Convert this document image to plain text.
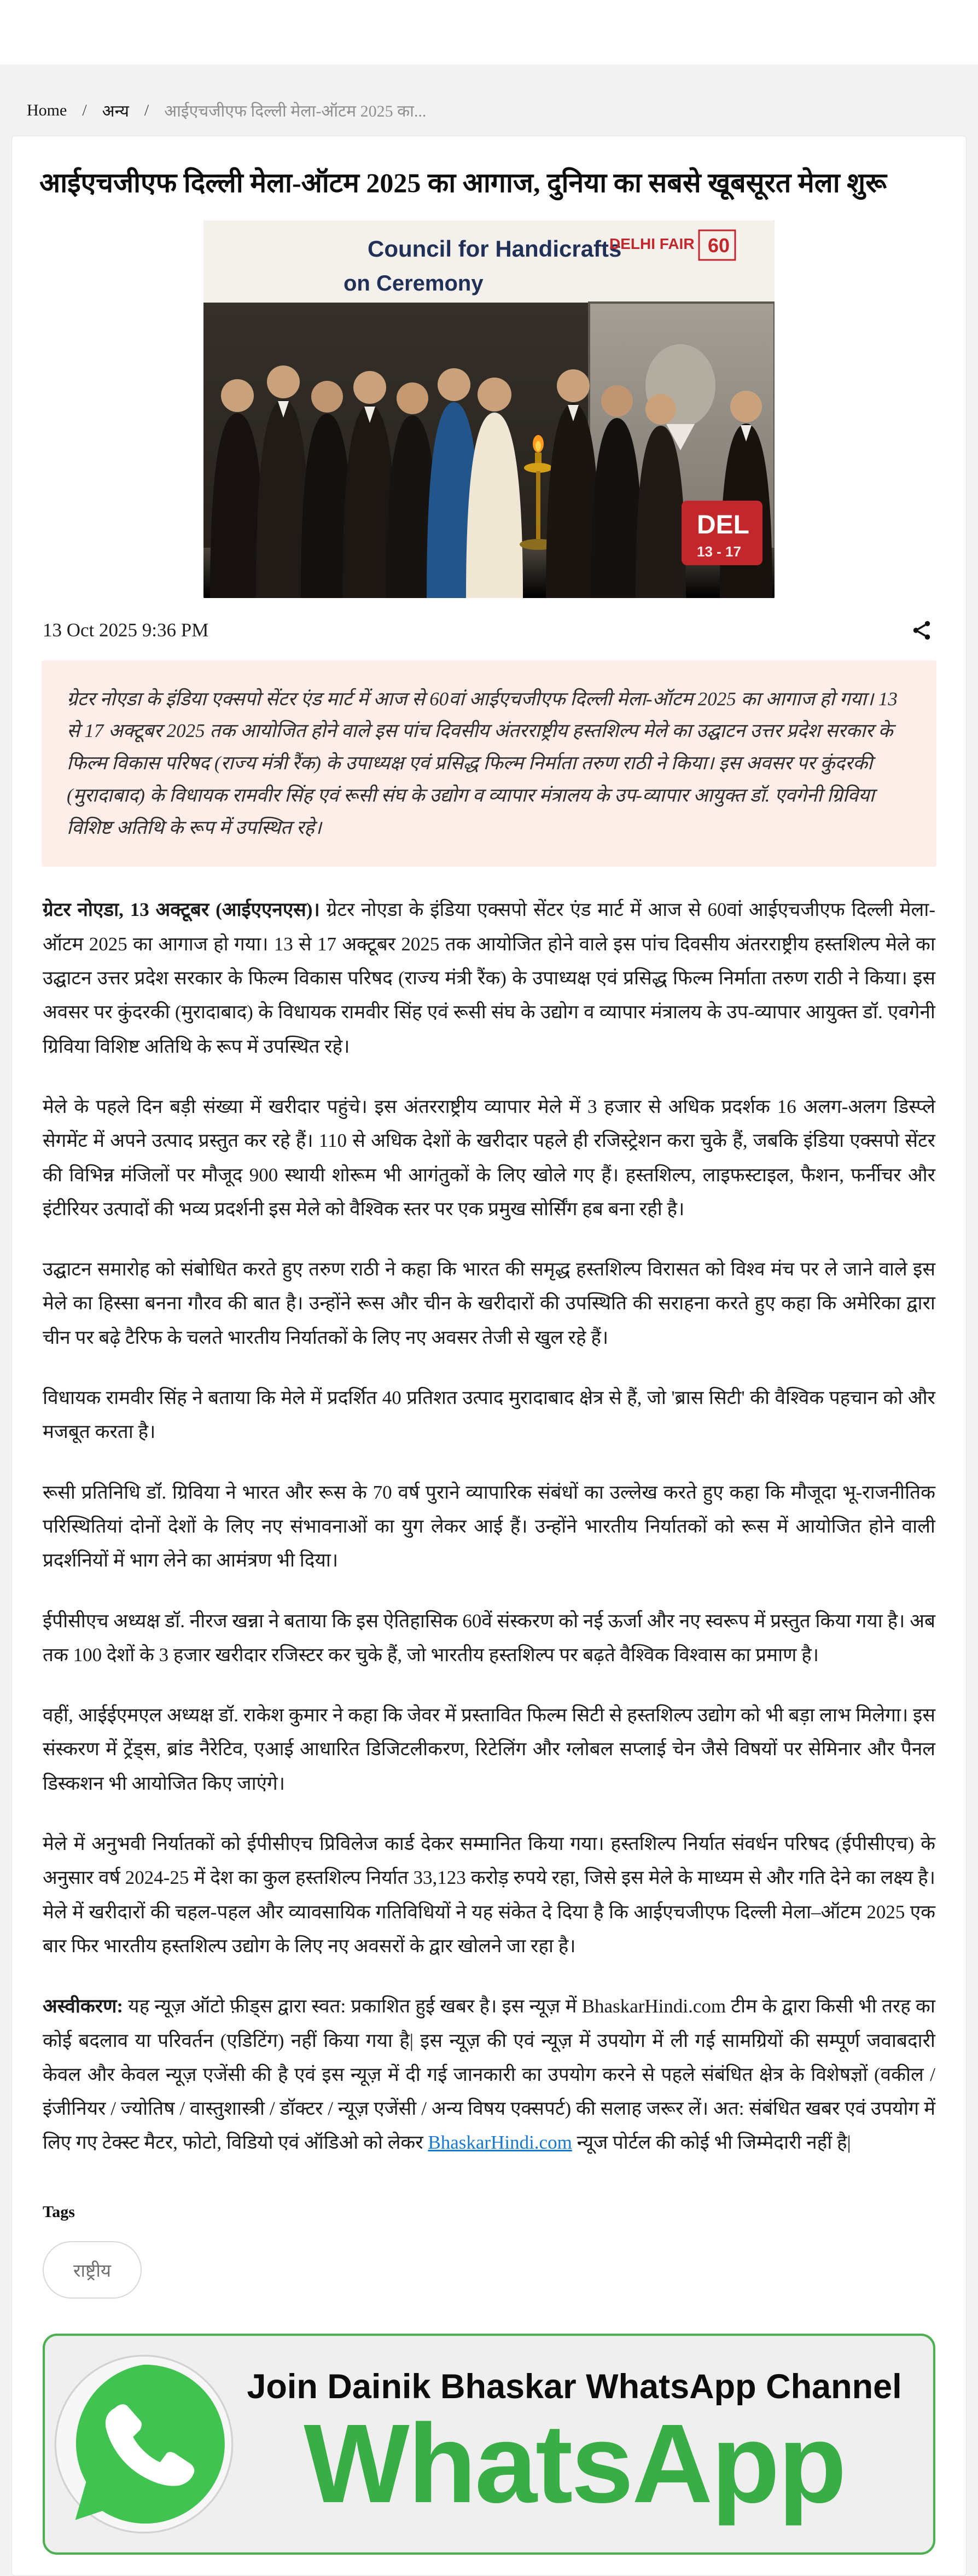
Home / अन्य / आईएचजीएफ दिल्ली मेला-ऑटम 2025 का...
आईएचजीएफ दिल्ली मेला-ऑटम 2025 का आगाज, दुनिया का सबसे खूबसूरत मेला शुरू
Council for Handicrafts
on Ceremony
DELHI FAIR 60
DEL
13 - 17
13 Oct 2025 9:36 PM
ग्रेटर नोएडा के इंडिया एक्सपो सेंटर एंड मार्ट में आज से 60वां आईएचजीएफ दिल्ली मेला-ऑटम 2025 का आगाज हो गया। 13 से 17 अक्टूबर 2025 तक आयोजित होने वाले इस पांच दिवसीय अंतरराष्ट्रीय हस्तशिल्प मेले का उद्घाटन उत्तर प्रदेश सरकार के फिल्म विकास परिषद (राज्य मंत्री रैंक) के उपाध्यक्ष एवं प्रसिद्ध फिल्म निर्माता तरुण राठी ने किया। इस अवसर पर कुंदरकी (मुरादाबाद) के विधायक रामवीर सिंह एवं रूसी संघ के उद्योग व व्यापार मंत्रालय के उप-व्यापार आयुक्त डॉ. एवगेनी ग्रिविया विशिष्ट अतिथि के रूप में उपस्थित रहे।

ग्रेटर नोएडा, 13 अक्टूबर (आईएएनएस)। ग्रेटर नोएडा के इंडिया एक्सपो सेंटर एंड मार्ट में आज से 60वां आईएचजीएफ दिल्ली मेला-ऑटम 2025 का आगाज हो गया। 13 से 17 अक्टूबर 2025 तक आयोजित होने वाले इस पांच दिवसीय अंतरराष्ट्रीय हस्तशिल्प मेले का उद्घाटन उत्तर प्रदेश सरकार के फिल्म विकास परिषद (राज्य मंत्री रैंक) के उपाध्यक्ष एवं प्रसिद्ध फिल्म निर्माता तरुण राठी ने किया। इस अवसर पर कुंदरकी (मुरादाबाद) के विधायक रामवीर सिंह एवं रूसी संघ के उद्योग व व्यापार मंत्रालय के उप-व्यापार आयुक्त डॉ. एवगेनी ग्रिविया विशिष्ट अतिथि के रूप में उपस्थित रहे।

मेले के पहले दिन बड़ी संख्या में खरीदार पहुंचे। इस अंतरराष्ट्रीय व्यापार मेले में 3 हजार से अधिक प्रदर्शक 16 अलग-अलग डिस्प्ले सेगमेंट में अपने उत्पाद प्रस्तुत कर रहे हैं। 110 से अधिक देशों के खरीदार पहले ही रजिस्ट्रेशन करा चुके हैं, जबकि इंडिया एक्सपो सेंटर की विभिन्न मंजिलों पर मौजूद 900 स्थायी शोरूम भी आगंतुकों के लिए खोले गए हैं। हस्तशिल्प, लाइफस्टाइल, फैशन, फर्नीचर और इंटीरियर उत्पादों की भव्य प्रदर्शनी इस मेले को वैश्विक स्तर पर एक प्रमुख सोर्सिंग हब बना रही है।

उद्घाटन समारोह को संबोधित करते हुए तरुण राठी ने कहा कि भारत की समृद्ध हस्तशिल्प विरासत को विश्व मंच पर ले जाने वाले इस मेले का हिस्सा बनना गौरव की बात है। उन्होंने रूस और चीन के खरीदारों की उपस्थिति की सराहना करते हुए कहा कि अमेरिका द्वारा चीन पर बढ़े टैरिफ के चलते भारतीय निर्यातकों के लिए नए अवसर तेजी से खुल रहे हैं।

विधायक रामवीर सिंह ने बताया कि मेले में प्रदर्शित 40 प्रतिशत उत्पाद मुरादाबाद क्षेत्र से हैं, जो 'ब्रास सिटी' की वैश्विक पहचान को और मजबूत करता है।

रूसी प्रतिनिधि डॉ. ग्रिविया ने भारत और रूस के 70 वर्ष पुराने व्यापारिक संबंधों का उल्लेख करते हुए कहा कि मौजूदा भू-राजनीतिक परिस्थितियां दोनों देशों के लिए नए संभावनाओं का युग लेकर आई हैं। उन्होंने भारतीय निर्यातकों को रूस में आयोजित होने वाली प्रदर्शनियों में भाग लेने का आमंत्रण भी दिया।

ईपीसीएच अध्यक्ष डॉ. नीरज खन्ना ने बताया कि इस ऐतिहासिक 60वें संस्करण को नई ऊर्जा और नए स्वरूप में प्रस्तुत किया गया है। अब तक 100 देशों के 3 हजार खरीदार रजिस्टर कर चुके हैं, जो भारतीय हस्तशिल्प पर बढ़ते वैश्विक विश्वास का प्रमाण है।

वहीं, आईईएमएल अध्यक्ष डॉ. राकेश कुमार ने कहा कि जेवर में प्रस्तावित फिल्म सिटी से हस्तशिल्प उद्योग को भी बड़ा लाभ मिलेगा। इस संस्करण में ट्रेंड्स, ब्रांड नैरेटिव, एआई आधारित डिजिटलीकरण, रिटेलिंग और ग्लोबल सप्लाई चेन जैसे विषयों पर सेमिनार और पैनल डिस्कशन भी आयोजित किए जाएंगे।

मेले में अनुभवी निर्यातकों को ईपीसीएच प्रिविलेज कार्ड देकर सम्मानित किया गया। हस्तशिल्प निर्यात संवर्धन परिषद (ईपीसीएच) के अनुसार वर्ष 2024-25 में देश का कुल हस्तशिल्प निर्यात 33,123 करोड़ रुपये रहा, जिसे इस मेले के माध्यम से और गति देने का लक्ष्य है। मेले में खरीदारों की चहल-पहल और व्यावसायिक गतिविधियों ने यह संकेत दे दिया है कि आईएचजीएफ दिल्ली मेला–ऑटम 2025 एक बार फिर भारतीय हस्तशिल्प उद्योग के लिए नए अवसरों के द्वार खोलने जा रहा है।

अस्वीकरण: यह न्यूज़ ऑटो फ़ीड्स द्वारा स्वत: प्रकाशित हुई खबर है। इस न्यूज़ में BhaskarHindi.com टीम के द्वारा किसी भी तरह का कोई बदलाव या परिवर्तन (एडिटिंग) नहीं किया गया है| इस न्यूज़ की एवं न्यूज़ में उपयोग में ली गई सामग्रियों की सम्पूर्ण जवाबदारी केवल और केवल न्यूज़ एजेंसी की है एवं इस न्यूज़ में दी गई जानकारी का उपयोग करने से पहले संबंधित क्षेत्र के विशेषज्ञों (वकील / इंजीनियर / ज्योतिष / वास्तुशास्त्री / डॉक्टर / न्यूज़ एजेंसी / अन्य विषय एक्सपर्ट) की सलाह जरूर लें। अत: संबंधित खबर एवं उपयोग में लिए गए टेक्स्ट मैटर, फोटो, विडियो एवं ऑडिओ को लेकर BhaskarHindi.com न्यूज पोर्टल की कोई भी जिम्मेदारी नहीं है|

Tags
राष्ट्रीय
Join Dainik Bhaskar WhatsApp Channel
WhatsApp
